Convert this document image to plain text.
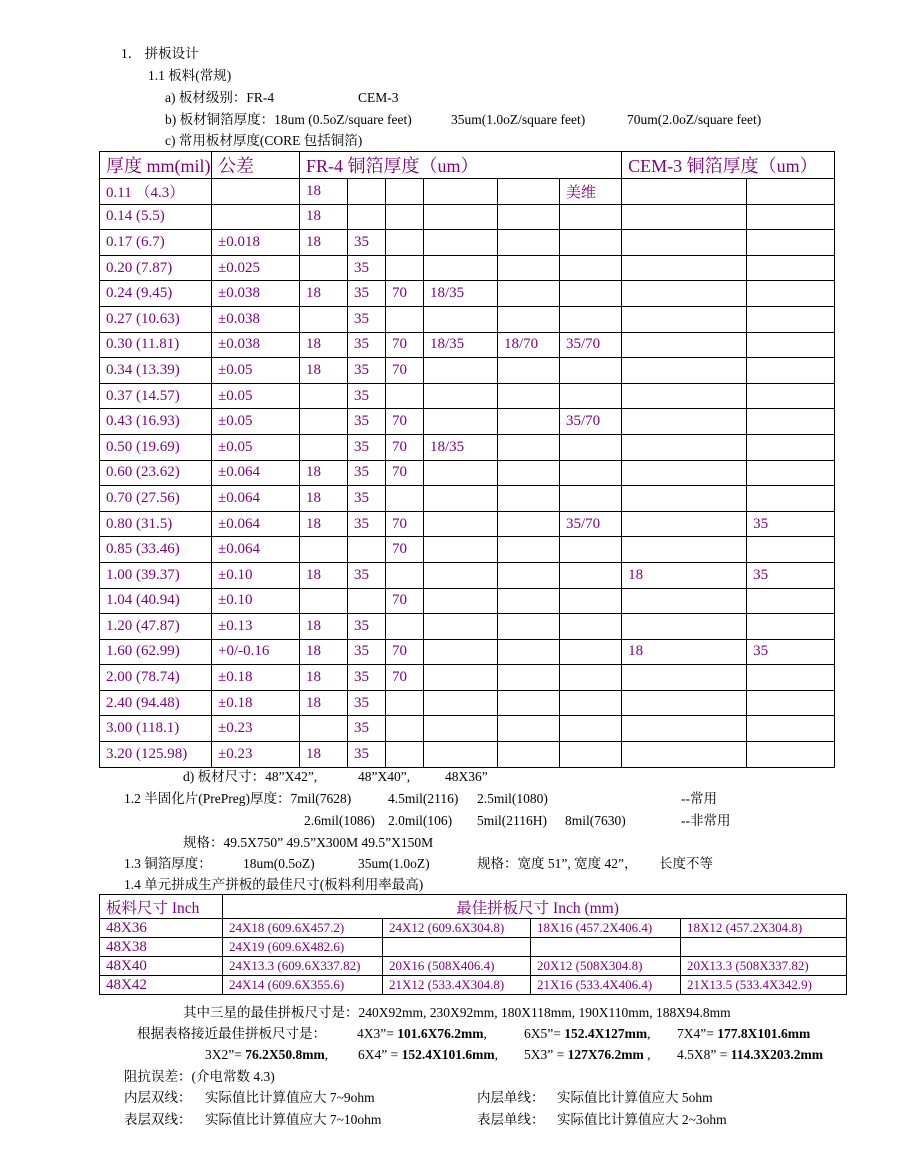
1． 拼板设计
1.1 板料(常规)
a) 板材级别：FR-4	CEM-3
b) 板材铜箔厚度：18um (0.5oZ/square feet)	35um(1.0oZ/square feet)	70um(2.0oZ/square feet)
c) 常用板材厚度(CORE 包括铜箔)
厚度 mm(mil)	公差	FR-4 铜箔厚度（um）						CEM-3 铜箔厚度（um）	
0.11 （4.3）		18					美维		
0.14 (5.5)		18							
0.17 (6.7)	±0.018	18	35						
0.20 (7.87)	±0.025		35						
0.24 (9.45)	±0.038	18	35	70	18/35				
0.27 (10.63)	±0.038		35						
0.30 (11.81)	±0.038	18	35	70	18/35	18/70	35/70		
0.34 (13.39)	±0.05	18	35	70					
0.37 (14.57)	±0.05		35						
0.43 (16.93)	±0.05		35	70			35/70		
0.50 (19.69)	±0.05		35	70	18/35				
0.60 (23.62)	±0.064	18	35	70					
0.70 (27.56)	±0.064	18	35						
0.80 (31.5)	±0.064	18	35	70			35/70		35
0.85 (33.46)	±0.064			70					
1.00 (39.37)	±0.10	18	35					18	35
1.04 (40.94)	±0.10			70					
1.20 (47.87)	±0.13	18	35						
1.60 (62.99)	+0/-0.16	18	35	70				18	35
2.00 (78.74)	±0.18	18	35	70					
2.40 (94.48)	±0.18	18	35						
3.00 (118.1)	±0.23		35						
3.20 (125.98)	±0.23	18	35						
d) 板材尺寸：48”X42”,	48”X40”,	48X36”
1.2 半固化片(PrePreg)厚度：7mil(7628)	4.5mil(2116) 2.5mil(1080)	--常用
2.6mil(1086) 2.0mil(106) 5mil(2116H) 8mil(7630)	--非常用
规格：49.5X750” 49.5”X300M 49.5”X150M
1.3 铜箔厚度： 18um(0.5oZ)	35um(1.0oZ)	规格：宽度 51”, 宽度 42”， 长度不等
1.4 单元拼成生产拼板的最佳尺寸(板料利用率最高)
板料尺寸 Inch	最佳拼板尺寸 Inch (mm)			
48X36	24X18 (609.6X457.2)	24X12 (609.6X304.8)	18X16 (457.2X406.4)	18X12 (457.2X304.8)
48X38	24X19 (609.6X482.6)			
48X40	24X13.3 (609.6X337.82)	20X16 (508X406.4)	20X12 (508X304.8)	20X13.3 (508X337.82)
48X42	24X14 (609.6X355.6)	21X12 (533.4X304.8)	21X16 (533.4X406.4)	21X13.5 (533.4X342.9)
其中三星的最佳拼板尺寸是：240X92mm, 230X92mm, 180X118mm, 190X110mm, 188X94.8mm
根据表格接近最佳拼板尺寸是： 4X3”= 101.6X76.2mm,	6X5”= 152.4X127mm, 7X4”= 177.8X101.6mm
3X2”= 76.2X50.8mm, 6X4” = 152.4X101.6mm, 5X3” = 127X76.2mm , 4.5X8” = 114.3X203.2mm
阻抗误差：(介电常数 4.3)
内层双线： 实际值比计算值应大 7~9ohm	内层单线： 实际值比计算值应大 5ohm
表层双线： 实际值比计算值应大 7~10ohm	表层单线： 实际值比计算值应大 2~3ohm
